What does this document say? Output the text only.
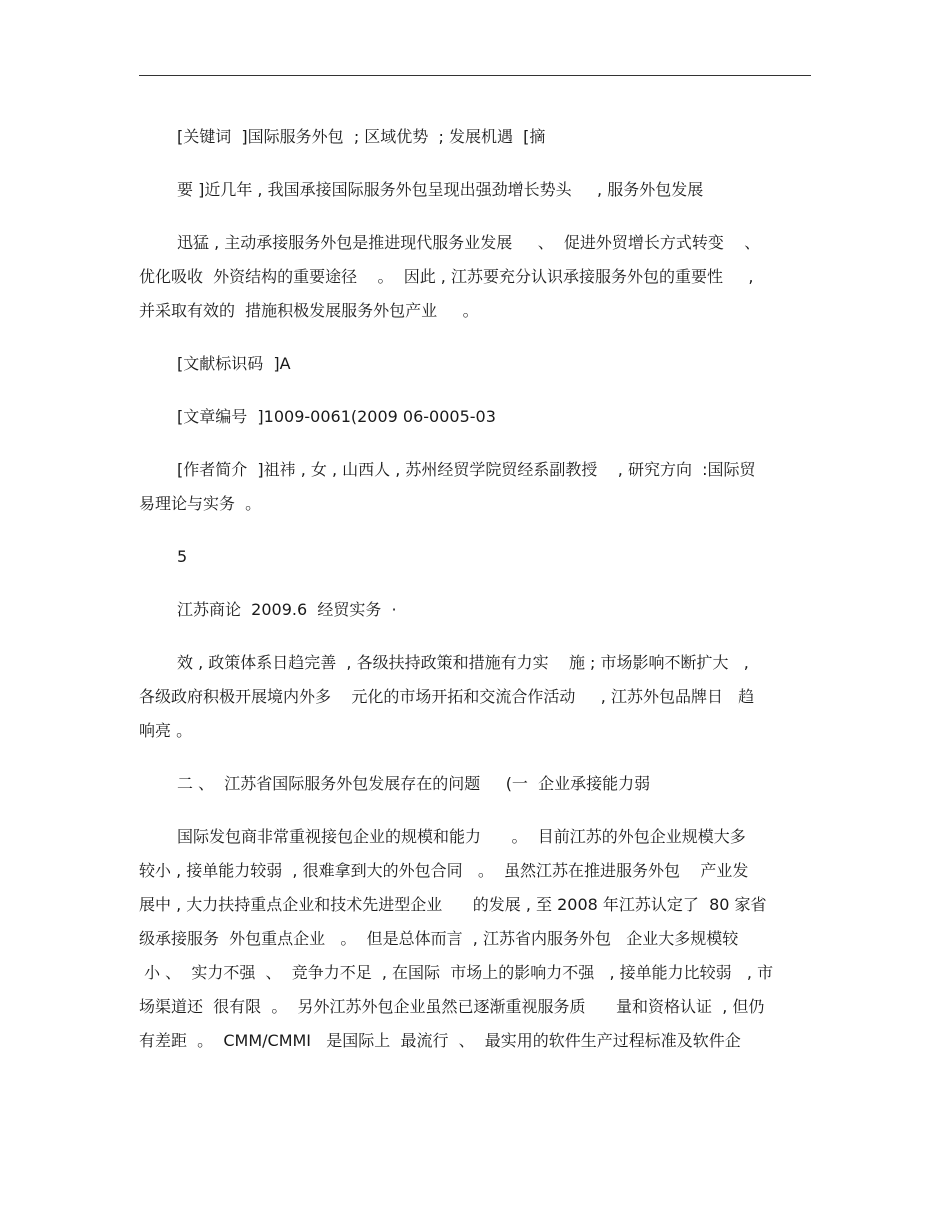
[关键词  ]国际服务外包  ; 区域优势  ; 发展机遇  [摘
要 ]近几年 , 我国承接国际服务外包呈现出强劲增长势头     , 服务外包发展
迅猛 , 主动承接服务外包是推进现代服务业发展     、  促进外贸增长方式转变    、
优化吸收  外资结构的重要途径    。  因此 , 江苏要充分认识承接服务外包的重要性     ,
并采取有效的  措施积极发展服务外包产业     。
[文献标识码  ]A
[文章编号  ]1009-0061(2009 06-0005-03
[作者简介  ]祖祎 , 女 , 山西人 , 苏州经贸学院贸经系副教授    , 研究方向  :国际贸
易理论与实务  。
5
江苏商论  2009.6  经贸实务  ·
效 , 政策体系日趋完善  , 各级扶持政策和措施有力实    施 ; 市场影响不断扩大   ,
各级政府积极开展境内外多    元化的市场开拓和交流合作活动     , 江苏外包品牌日   趋
响亮 。
二 、  江苏省国际服务外包发展存在的问题     (一  企业承接能力弱
国际发包商非常重视接包企业的规模和能力      。  目前江苏的外包企业规模大多
较小 , 接单能力较弱  , 很难拿到大的外包合同   。  虽然江苏在推进服务外包    产业发
展中 , 大力扶持重点企业和技术先进型企业      的发展 , 至 2008 年江苏认定了  80 家省
级承接服务  外包重点企业   。  但是总体而言  , 江苏省内服务外包   企业大多规模较
小 、  实力不强  、  竞争力不足  , 在国际  市场上的影响力不强   , 接单能力比较弱   , 市
场渠道还  很有限  。  另外江苏外包企业虽然已逐渐重视服务质      量和资格认证  , 但仍
有差距  。  CMM/CMMI   是国际上  最流行  、  最实用的软件生产过程标准及软件企
